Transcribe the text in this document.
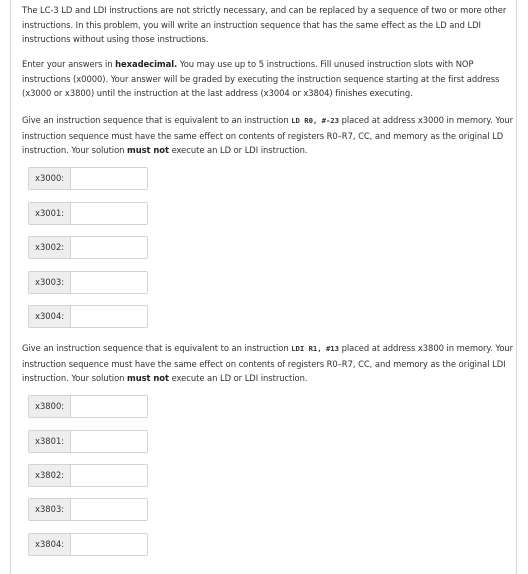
The LC-3 LD and LDI instructions are not strictly necessary, and can be replaced by a sequence of two or more other instructions. In this problem, you will write an instruction sequence that has the same effect as the LD and LDI instructions without using those instructions.

Enter your answers in hexadecimal. You may use up to 5 instructions. Fill unused instruction slots with NOP instructions (x0000). Your answer will be graded by executing the instruction sequence starting at the first address (x3000 or x3800) until the instruction at the last address (x3004 or x3804) finishes executing.

Give an instruction sequence that is equivalent to an instruction LD R0, #-23 placed at address x3000 in memory. Your instruction sequence must have the same effect on contents of registers R0–R7, CC, and memory as the original LD instruction. Your solution must not execute an LD or LDI instruction.

x3000:
x3001:
x3002:
x3003:
x3004:

Give an instruction sequence that is equivalent to an instruction LDI R1, #13 placed at address x3800 in memory. Your instruction sequence must have the same effect on contents of registers R0–R7, CC, and memory as the original LDI instruction. Your solution must not execute an LD or LDI instruction.

x3800:
x3801:
x3802:
x3803:
x3804:
